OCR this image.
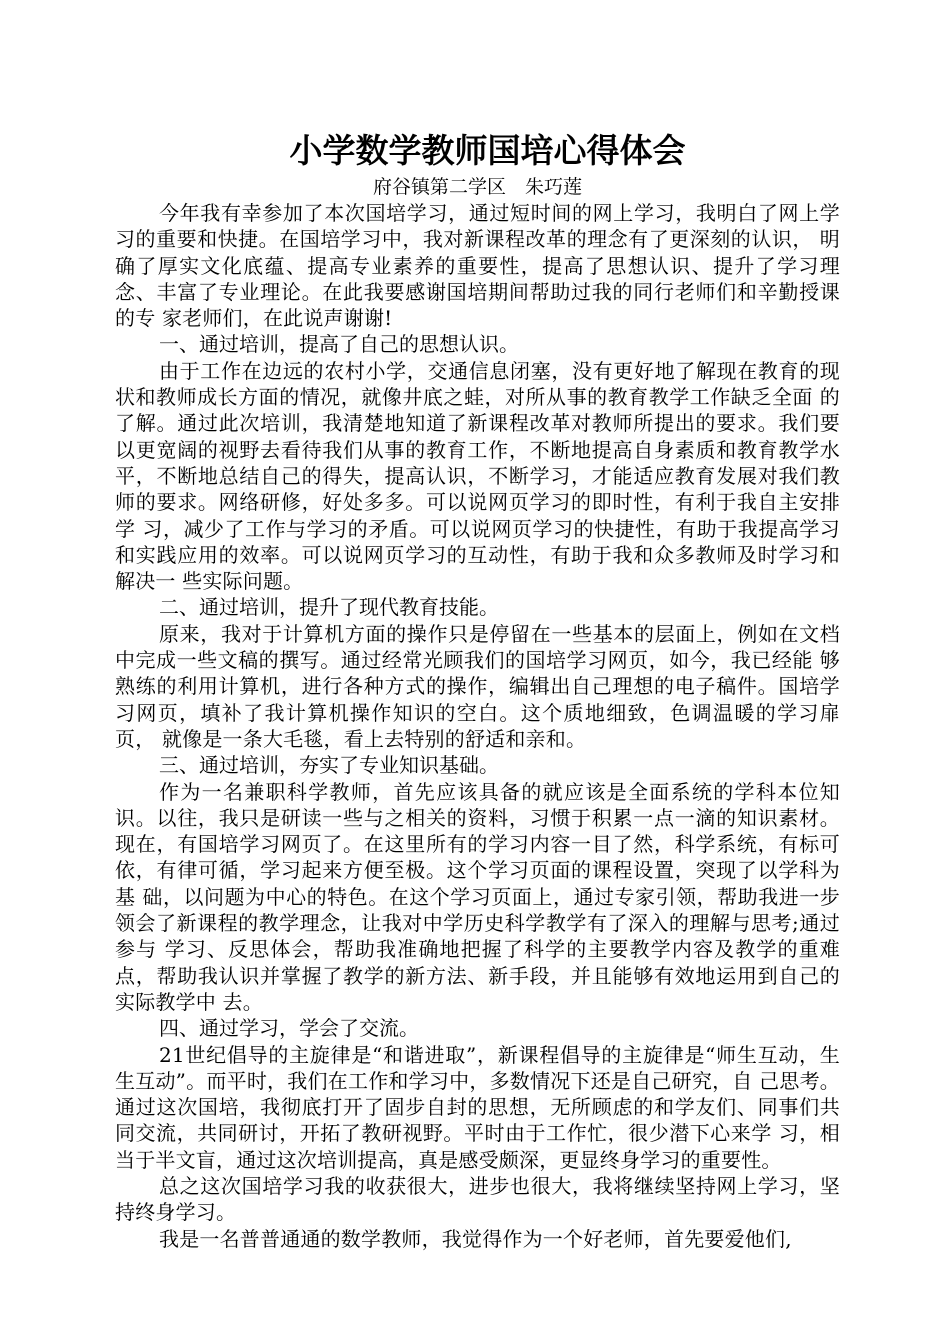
小学数学教师国培心得体会

府谷镇第二学区　朱巧莲

今年我有幸参加了本次国培学习，通过短时间的网上学习，我明白了网上学习的重要和快捷。在国培学习中，我对新课程改革的理念有了更深刻的认识， 明确了厚实文化底蕴、提高专业素养的重要性，提高了思想认识、提升了学习理念、丰富了专业理论。在此我要感谢国培期间帮助过我的同行老师们和辛勤授课的专 家老师们，在此说声谢谢!

一、通过培训，提高了自己的思想认识。

由于工作在边远的农村小学，交通信息闭塞，没有更好地了解现在教育的现状和教师成长方面的情况，就像井底之蛙，对所从事的教育教学工作缺乏全面 的了解。通过此次培训，我清楚地知道了新课程改革对教师所提出的要求。我们要以更宽阔的视野去看待我们从事的教育工作，不断地提高自身素质和教育教学水 平，不断地总结自己的得失，提高认识，不断学习，才能适应教育发展对我们教师的要求。网络研修，好处多多。可以说网页学习的即时性，有利于我自主安排学 习，减少了工作与学习的矛盾。可以说网页学习的快捷性，有助于我提高学习和实践应用的效率。可以说网页学习的互动性，有助于我和众多教师及时学习和解决一 些实际问题。

二、通过培训，提升了现代教育技能。

原来，我对于计算机方面的操作只是停留在一些基本的层面上，例如在文档中完成一些文稿的撰写。通过经常光顾我们的国培学习网页，如今，我已经能 够熟练的利用计算机，进行各种方式的操作，编辑出自己理想的电子稿件。国培学习网页，填补了我计算机操作知识的空白。这个质地细致，色调温暖的学习扉页， 就像是一条大毛毯，看上去特别的舒适和亲和。

三、通过培训，夯实了专业知识基础。

作为一名兼职科学教师，首先应该具备的就应该是全面系统的学科本位知识。以往，我只是研读一些与之相关的资料，习惯于积累一点一滴的知识素材。 现在，有国培学习网页了。在这里所有的学习内容一目了然，科学系统，有标可依，有律可循，学习起来方便至极。这个学习页面的课程设置，突现了以学科为基 础，以问题为中心的特色。在这个学习页面上，通过专家引领，帮助我进一步领会了新课程的教学理念，让我对中学历史科学教学有了深入的理解与思考;通过参与 学习、反思体会，帮助我准确地把握了科学的主要教学内容及教学的重难点，帮助我认识并掌握了教学的新方法、新手段，并且能够有效地运用到自己的实际教学中 去。

四、通过学习，学会了交流。

21世纪倡导的主旋律是“和谐进取”，新课程倡导的主旋律是“师生互动，生生互动”。而平时，我们在工作和学习中，多数情况下还是自己研究，自 己思考。通过这次国培，我彻底打开了固步自封的思想，无所顾虑的和学友们、同事们共同交流，共同研讨，开拓了教研视野。平时由于工作忙，很少潜下心来学 习，相当于半文盲，通过这次培训提高，真是感受颇深，更显终身学习的重要性。

总之这次国培学习我的收获很大，进步也很大，我将继续坚持网上学习，坚持终身学习。

我是一名普普通通的数学教师，我觉得作为一个好老师，首先要爱他们,
